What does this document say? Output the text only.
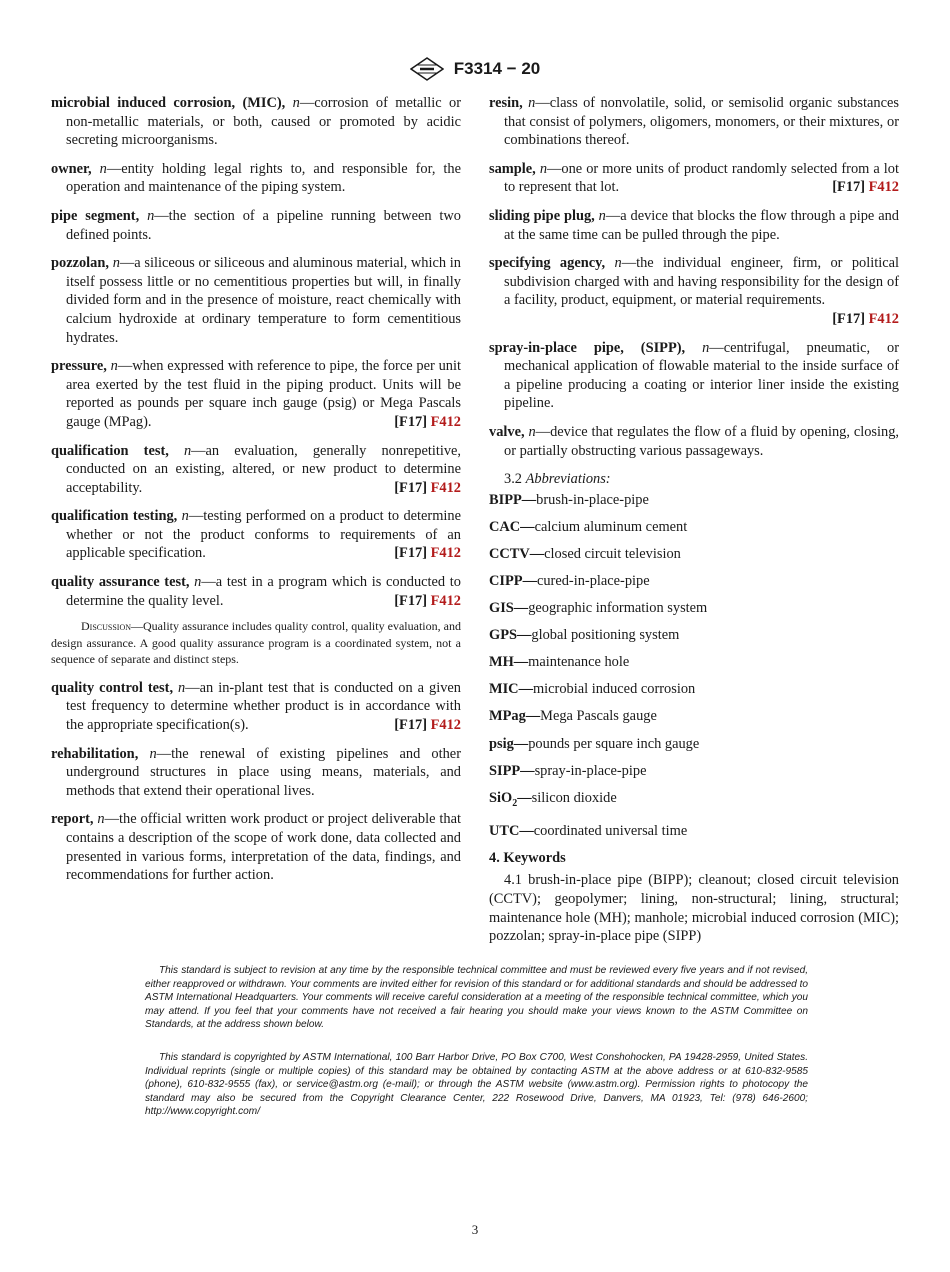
F3314 − 20

microbial induced corrosion, (MIC), n—corrosion of metallic or non-metallic materials, or both, caused or promoted by acidic secreting microorganisms.

owner, n—entity holding legal rights to, and responsible for, the operation and maintenance of the piping system.

pipe segment, n—the section of a pipeline running between two defined points.

pozzolan, n—a siliceous or siliceous and aluminous material, which in itself possess little or no cementitious properties but will, in finally divided form and in the presence of moisture, react chemically with calcium hydroxide at ordinary temperature to form cementitious hydrates.

pressure, n—when expressed with reference to pipe, the force per unit area exerted by the test fluid in the piping product. Units will be reported as pounds per square inch gauge (psig) or Mega Pascals gauge (MPag).	[F17] F412

qualification test, n—an evaluation, generally nonrepetitive, conducted on an existing, altered, or new product to determine acceptability.	[F17] F412

qualification testing, n—testing performed on a product to determine whether or not the product conforms to requirements of an applicable specification.	[F17] F412

quality assurance test, n—a test in a program which is conducted to determine the quality level.	[F17] F412

Discussion—Quality assurance includes quality control, quality evaluation, and design assurance. A good quality assurance program is a coordinated system, not a sequence of separate and distinct steps.

quality control test, n—an in-plant test that is conducted on a given test frequency to determine whether product is in accordance with the appropriate specification(s).	[F17] F412

rehabilitation, n—the renewal of existing pipelines and other underground structures in place using means, materials, and methods that extend their operational lives.

report, n—the official written work product or project deliverable that contains a description of the scope of work done, data collected and presented in various forms, interpretation of the data, findings, and recommendations for further action.

resin, n—class of nonvolatile, solid, or semisolid organic substances that consist of polymers, oligomers, monomers, or their mixtures, or combinations thereof.

sample, n—one or more units of product randomly selected from a lot to represent that lot.	[F17] F412

sliding pipe plug, n—a device that blocks the flow through a pipe and at the same time can be pulled through the pipe.

specifying agency, n—the individual engineer, firm, or political subdivision charged with and having responsibility for the design of a facility, product, equipment, or material requirements.
[F17] F412

spray-in-place pipe, (SIPP), n—centrifugal, pneumatic, or mechanical application of flowable material to the inside surface of a pipeline producing a coating or interior liner inside the existing pipeline.

valve, n—device that regulates the flow of a fluid by opening, closing, or partially obstructing various passageways.

3.2 Abbreviations:

BIPP—brush-in-place-pipe

CAC—calcium aluminum cement

CCTV—closed circuit television

CIPP—cured-in-place-pipe

GIS—geographic information system

GPS—global positioning system

MH—maintenance hole

MIC—microbial induced corrosion

MPag—Mega Pascals gauge

psig—pounds per square inch gauge

SIPP—spray-in-place-pipe

SiO$_2$—silicon dioxide

UTC—coordinated universal time

4. Keywords

4.1 brush-in-place pipe (BIPP); cleanout; closed circuit television (CCTV); geopolymer; lining, non-structural; lining, structural; maintenance hole (MH); manhole; microbial induced corrosion (MIC); pozzolan; spray-in-place pipe (SIPP)

This standard is subject to revision at any time by the responsible technical committee and must be reviewed every five years and if not revised, either reapproved or withdrawn. Your comments are invited either for revision of this standard or for additional standards and should be addressed to ASTM International Headquarters. Your comments will receive careful consideration at a meeting of the responsible technical committee, which you may attend. If you feel that your comments have not received a fair hearing you should make your views known to the ASTM Committee on Standards, at the address shown below.

This standard is copyrighted by ASTM International, 100 Barr Harbor Drive, PO Box C700, West Conshohocken, PA 19428-2959, United States. Individual reprints (single or multiple copies) of this standard may be obtained by contacting ASTM at the above address or at 610-832-9585 (phone), 610-832-9555 (fax), or service@astm.org (e-mail); or through the ASTM website (www.astm.org). Permission rights to photocopy the standard may also be secured from the Copyright Clearance Center, 222 Rosewood Drive, Danvers, MA 01923, Tel: (978) 646-2600; http://www.copyright.com/

3
